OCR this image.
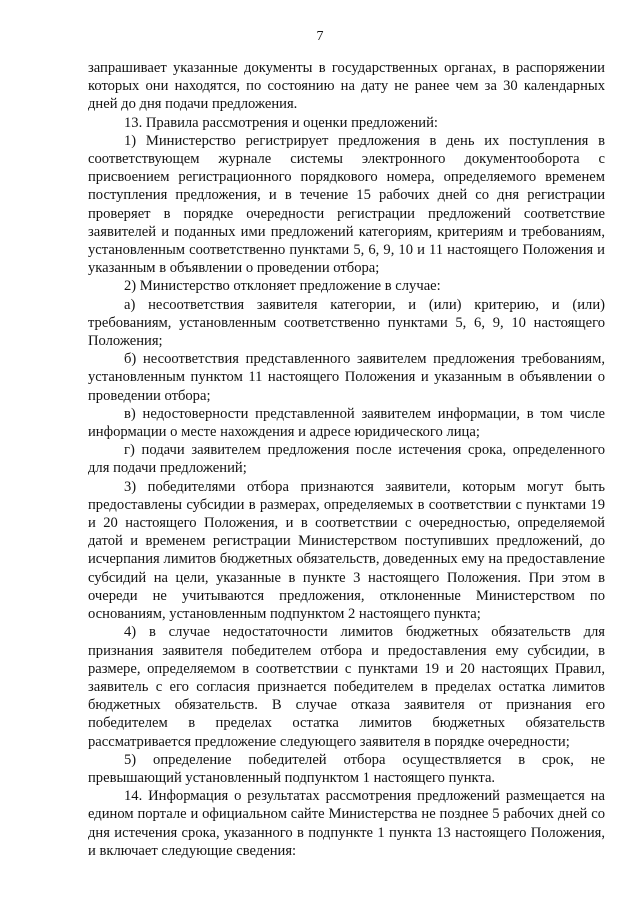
7

запрашивает указанные документы в государственных органах, в распоряжении которых они находятся, по состоянию на дату не ранее чем за 30 календарных дней до дня подачи предложения.

13. Правила рассмотрения и оценки предложений:

1) Министерство регистрирует предложения в день их поступления в соответствующем журнале системы электронного документооборота с присвоением регистрационного порядкового номера, определяемого временем поступления предложения, и в течение 15 рабочих дней со дня регистрации проверяет в порядке очередности регистрации предложений соответствие заявителей и поданных ими предложений категориям, критериям и требованиям, установленным соответственно пунктами 5, 6, 9, 10 и 11 настоящего Положения и указанным в объявлении о проведении отбора;

2) Министерство отклоняет предложение в случае:

а) несоответствия заявителя категории, и (или) критерию, и (или) требованиям, установленным соответственно пунктами 5, 6, 9, 10 настоящего Положения;

б) несоответствия представленного заявителем предложения требованиям, установленным пунктом 11 настоящего Положения и указанным в объявлении о проведении отбора;

в) недостоверности представленной заявителем информации, в том числе информации о месте нахождения и адресе юридического лица;

г) подачи заявителем предложения после истечения срока, определенного для подачи предложений;

3) победителями отбора признаются заявители, которым могут быть предоставлены субсидии в размерах, определяемых в соответствии с пунктами 19 и 20 настоящего Положения, и в соответствии с очередностью, определяемой датой и временем регистрации Министерством поступивших предложений, до исчерпания лимитов бюджетных обязательств, доведенных ему на предоставление субсидий на цели, указанные в пункте 3 настоящего Положения. При этом в очереди не учитываются предложения, отклоненные Министерством по основаниям, установленным подпунктом 2 настоящего пункта;

4) в случае недостаточности лимитов бюджетных обязательств для признания заявителя победителем отбора и предоставления ему субсидии, в размере, определяемом в соответствии с пунктами 19 и 20 настоящих Правил, заявитель с его согласия признается победителем в пределах остатка лимитов бюджетных обязательств. В случае отказа заявителя от признания его победителем в пределах остатка лимитов бюджетных обязательств рассматривается предложение следующего заявителя в порядке очередности;

5) определение победителей отбора осуществляется в срок, не превышающий установленный подпунктом 1 настоящего пункта.

14. Информация о результатах рассмотрения предложений размещается на едином портале и официальном сайте Министерства не позднее 5 рабочих дней со дня истечения срока, указанного в подпункте 1 пункта 13 настоящего Положения, и включает следующие сведения:
